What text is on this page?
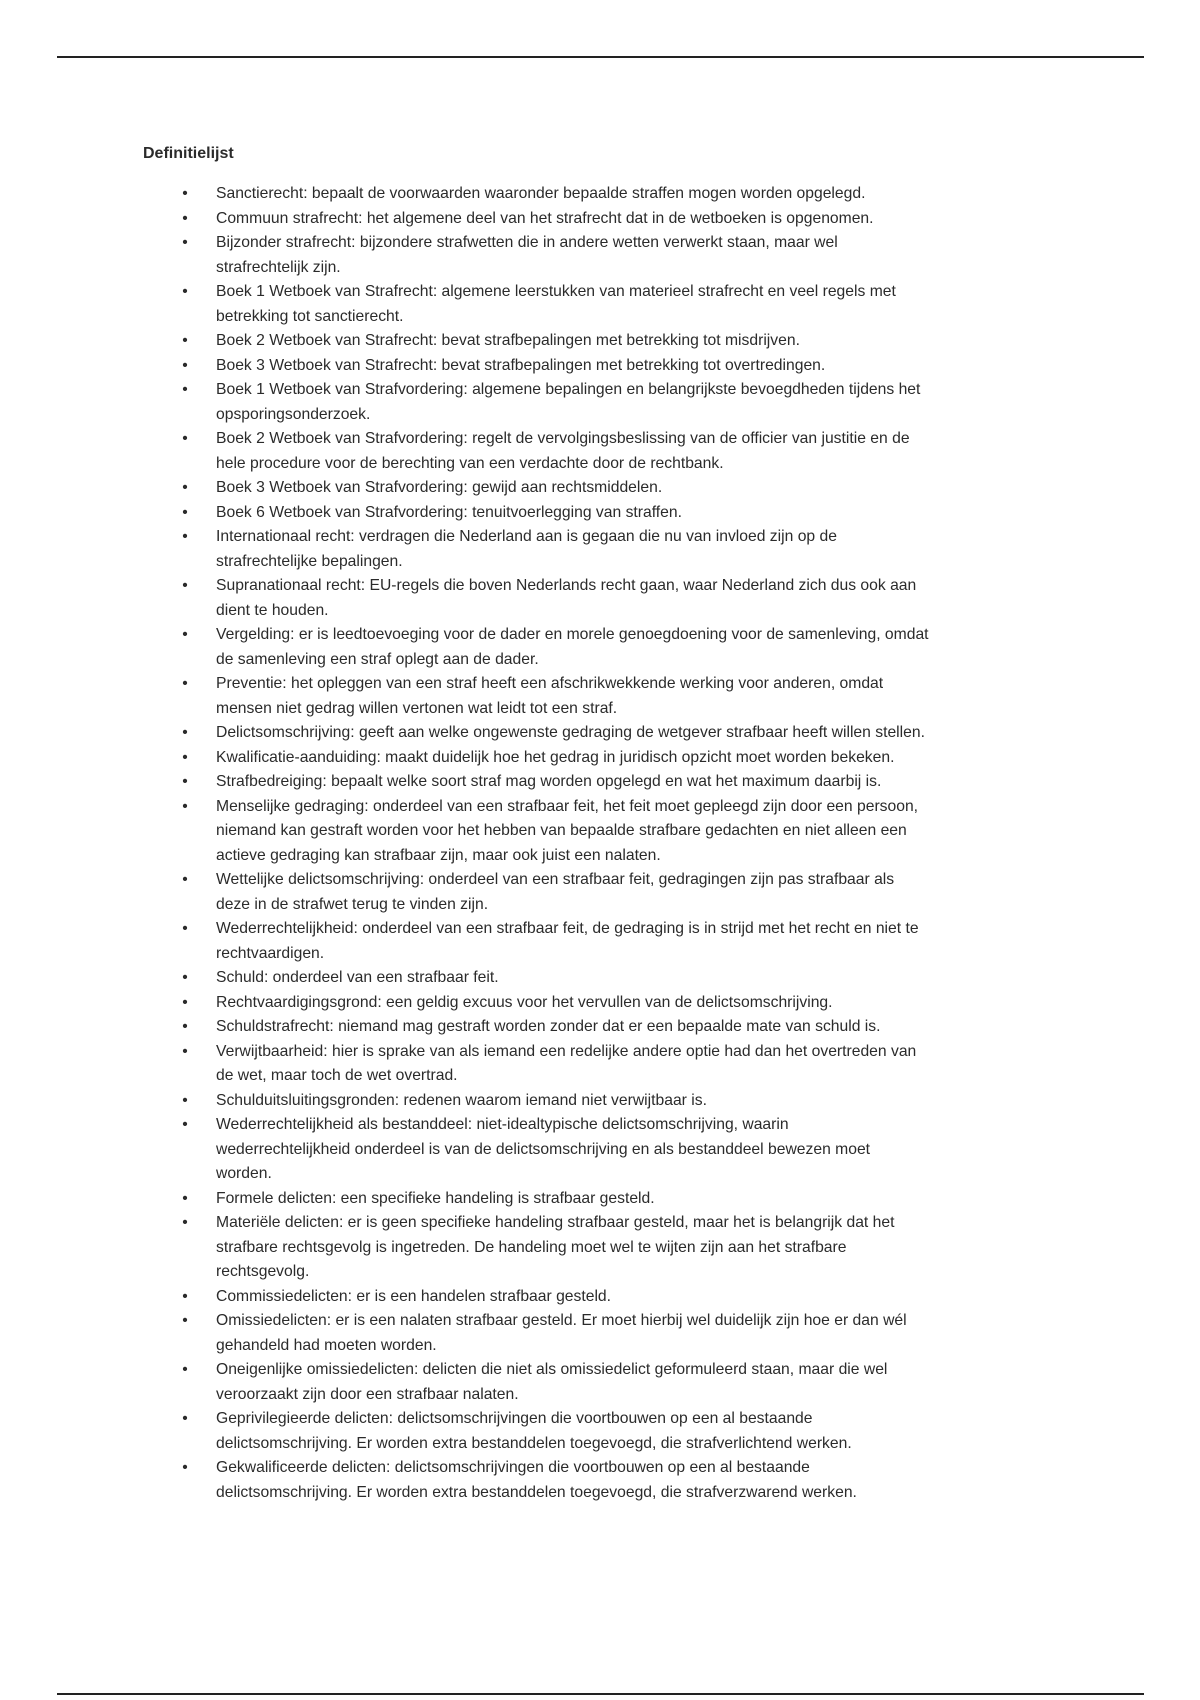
Definitielijst
• Sanctierecht: bepaalt de voorwaarden waaronder bepaalde straffen mogen worden opgelegd.
• Commuun strafrecht: het algemene deel van het strafrecht dat in de wetboeken is opgenomen.
• Bijzonder strafrecht: bijzondere strafwetten die in andere wetten verwerkt staan, maar wel
strafrechtelijk zijn.
• Boek 1 Wetboek van Strafrecht: algemene leerstukken van materieel strafrecht en veel regels met
betrekking tot sanctierecht.
• Boek 2 Wetboek van Strafrecht: bevat strafbepalingen met betrekking tot misdrijven.
• Boek 3 Wetboek van Strafrecht: bevat strafbepalingen met betrekking tot overtredingen.
• Boek 1 Wetboek van Strafvordering: algemene bepalingen en belangrijkste bevoegdheden tijdens het
opsporingsonderzoek.
• Boek 2 Wetboek van Strafvordering: regelt de vervolgingsbeslissing van de officier van justitie en de
hele procedure voor de berechting van een verdachte door de rechtbank.
• Boek 3 Wetboek van Strafvordering: gewijd aan rechtsmiddelen.
• Boek 6 Wetboek van Strafvordering: tenuitvoerlegging van straffen.
• Internationaal recht: verdragen die Nederland aan is gegaan die nu van invloed zijn op de
strafrechtelijke bepalingen.
• Supranationaal recht: EU-regels die boven Nederlands recht gaan, waar Nederland zich dus ook aan
dient te houden.
• Vergelding: er is leedtoevoeging voor de dader en morele genoegdoening voor de samenleving, omdat
de samenleving een straf oplegt aan de dader.
• Preventie: het opleggen van een straf heeft een afschrikwekkende werking voor anderen, omdat
mensen niet gedrag willen vertonen wat leidt tot een straf.
• Delictsomschrijving: geeft aan welke ongewenste gedraging de wetgever strafbaar heeft willen stellen.
• Kwalificatie-aanduiding: maakt duidelijk hoe het gedrag in juridisch opzicht moet worden bekeken.
• Strafbedreiging: bepaalt welke soort straf mag worden opgelegd en wat het maximum daarbij is.
• Menselijke gedraging: onderdeel van een strafbaar feit, het feit moet gepleegd zijn door een persoon,
niemand kan gestraft worden voor het hebben van bepaalde strafbare gedachten en niet alleen een
actieve gedraging kan strafbaar zijn, maar ook juist een nalaten.
• Wettelijke delictsomschrijving: onderdeel van een strafbaar feit, gedragingen zijn pas strafbaar als
deze in de strafwet terug te vinden zijn.
• Wederrechtelijkheid: onderdeel van een strafbaar feit, de gedraging is in strijd met het recht en niet te
rechtvaardigen.
• Schuld: onderdeel van een strafbaar feit.
• Rechtvaardigingsgrond: een geldig excuus voor het vervullen van de delictsomschrijving.
• Schuldstrafrecht: niemand mag gestraft worden zonder dat er een bepaalde mate van schuld is.
• Verwijtbaarheid: hier is sprake van als iemand een redelijke andere optie had dan het overtreden van
de wet, maar toch de wet overtrad.
• Schulduitsluitingsgronden: redenen waarom iemand niet verwijtbaar is.
• Wederrechtelijkheid als bestanddeel: niet-idealtypische delictsomschrijving, waarin
wederrechtelijkheid onderdeel is van de delictsomschrijving en als bestanddeel bewezen moet
worden.
• Formele delicten: een specifieke handeling is strafbaar gesteld.
• Materiële delicten: er is geen specifieke handeling strafbaar gesteld, maar het is belangrijk dat het
strafbare rechtsgevolg is ingetreden. De handeling moet wel te wijten zijn aan het strafbare
rechtsgevolg.
• Commissiedelicten: er is een handelen strafbaar gesteld.
• Omissiedelicten: er is een nalaten strafbaar gesteld. Er moet hierbij wel duidelijk zijn hoe er dan wél
gehandeld had moeten worden.
• Oneigenlijke omissiedelicten: delicten die niet als omissiedelict geformuleerd staan, maar die wel
veroorzaakt zijn door een strafbaar nalaten.
• Geprivilegieerde delicten: delictsomschrijvingen die voortbouwen op een al bestaande
delictsomschrijving. Er worden extra bestanddelen toegevoegd, die strafverlichtend werken.
• Gekwalificeerde delicten: delictsomschrijvingen die voortbouwen op een al bestaande
delictsomschrijving. Er worden extra bestanddelen toegevoegd, die strafverzwarend werken.
